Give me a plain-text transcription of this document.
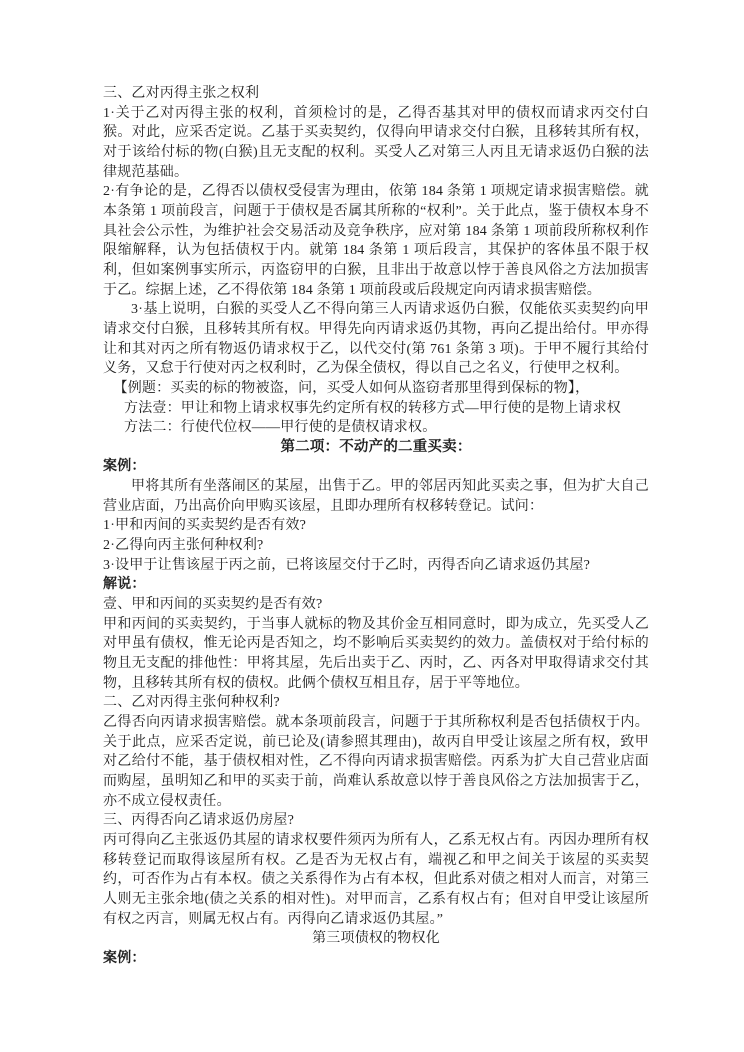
三、乙对丙得主张之权利

1·关于乙对丙得主张的权利，首须检讨的是，乙得否基其对甲的债权而请求丙交付白猴。对此，应采否定说。乙基于买卖契约，仅得向甲请求交付白猴，且移转其所有权，对于该给付标的物(白猴)且无支配的权利。买受人乙对第三人丙且无请求返仍白猴的法律规范基础。

2·有争论的是，乙得否以债权受侵害为理由，依第 184 条第 1 项规定请求损害赔偿。就本条第 1 项前段言，问题于于债权是否属其所称的“权利”。关于此点，鉴于债权本身不具社会公示性，为维护社会交易活动及竞争秩序，应对第 184 条第 1 项前段所称权利作限缩解释，认为包括债权于内。就第 184 条第 1 项后段言，其保护的客体虽不限于权利，但如案例事实所示，丙盗窃甲的白猴，且非出于故意以悖于善良风俗之方法加损害于乙。综据上述，乙不得依第 184 条第 1 项前段或后段规定向丙请求损害赔偿。

3·基上说明，白猴的买受人乙不得向第三人丙请求返仍白猴，仅能依买卖契约向甲请求交付白猴，且移转其所有权。甲得先向丙请求返仍其物，再向乙提出给付。甲亦得让和其对丙之所有物返仍请求权于乙，以代交付(第 761 条第 3 项)。于甲不履行其给付义务，又怠于行使对丙之权利时，乙为保全债权，得以自己之名义，行使甲之权利。

【例题：买卖的标的物被盗，问，买受人如何从盗窃者那里得到保标的物】，

方法壹：甲让和物上请求权事先约定所有权的转移方式—甲行使的是物上请求权

方法二：行使代位权——甲行使的是债权请求权。

第二项：不动产的二重买卖：

案例：

甲将其所有坐落闹区的某屋，出售于乙。甲的邻居丙知此买卖之事，但为扩大自己营业店面，乃出高价向甲购买该屋，且即办理所有权移转登记。试问：

1·甲和丙间的买卖契约是否有效?

2·乙得向丙主张何种权利?

3·设甲于让售该屋于丙之前，已将该屋交付于乙时，丙得否向乙请求返仍其屋?

解说：

壹、甲和丙间的买卖契约是否有效?

甲和丙间的买卖契约，于当事人就标的物及其价金互相同意时，即为成立，先买受人乙对甲虽有债权，惟无论丙是否知之，均不影响后买卖契约的效力。盖债权对于给付标的物且无支配的排他性：甲将其屋，先后出卖于乙、丙时，乙、丙各对甲取得请求交付其物，且移转其所有权的债权。此俩个债权互相且存，居于平等地位。

二、乙对丙得主张何种权利?

乙得否向丙请求损害赔偿。就本条项前段言，问题于于其所称权利是否包括债权于内。关于此点，应采否定说，前已论及(请参照其理由)，故丙自甲受让该屋之所有权，致甲对乙给付不能，基于债权相对性，乙不得向丙请求损害赔偿。丙系为扩大自己营业店面而购屋，虽明知乙和甲的买卖于前，尚难认系故意以悖于善良风俗之方法加损害于乙，亦不成立侵权责任。

三、丙得否向乙请求返仍房屋?

丙可得向乙主张返仍其屋的请求权要件须丙为所有人，乙系无权占有。丙因办理所有权移转登记而取得该屋所有权。乙是否为无权占有，端视乙和甲之间关于该屋的买卖契约，可否作为占有本权。债之关系得作为占有本权，但此系对债之相对人而言，对第三人则无主张余地(债之关系的相对性)。对甲而言，乙系有权占有；但对自甲受让该屋所有权之丙言，则属无权占有。丙得向乙请求返仍其屋。”

第三项债权的物权化

案例：
